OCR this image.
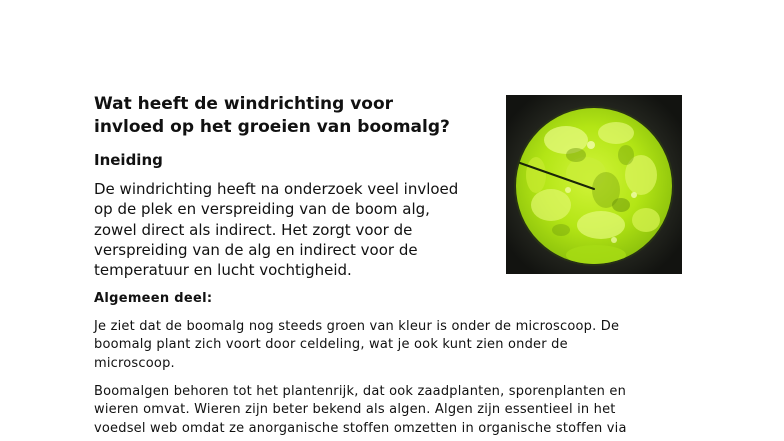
Wat heeft de windrichting voor
invloed op het groeien van boomalg?
Ineiding

De windrichting heeft na onderzoek veel invloed
op de plek en verspreiding van de boom alg,
zowel direct als indirect. Het zorgt voor de
verspreiding van de alg en indirect voor de
temperatuur en lucht vochtigheid.

Algemeen deel:

Je ziet dat de boomalg nog steeds groen van kleur is onder de microscoop. De
boomalg plant zich voort door celdeling, wat je ook kunt zien onder de
microscoop.

Boomalgen behoren tot het plantenrijk, dat ook zaadplanten, sporenplanten en
wieren omvat. Wieren zijn beter bekend als algen. Algen zijn essentieel in het
voedsel web omdat ze anorganische stoffen omzetten in organische stoffen via
